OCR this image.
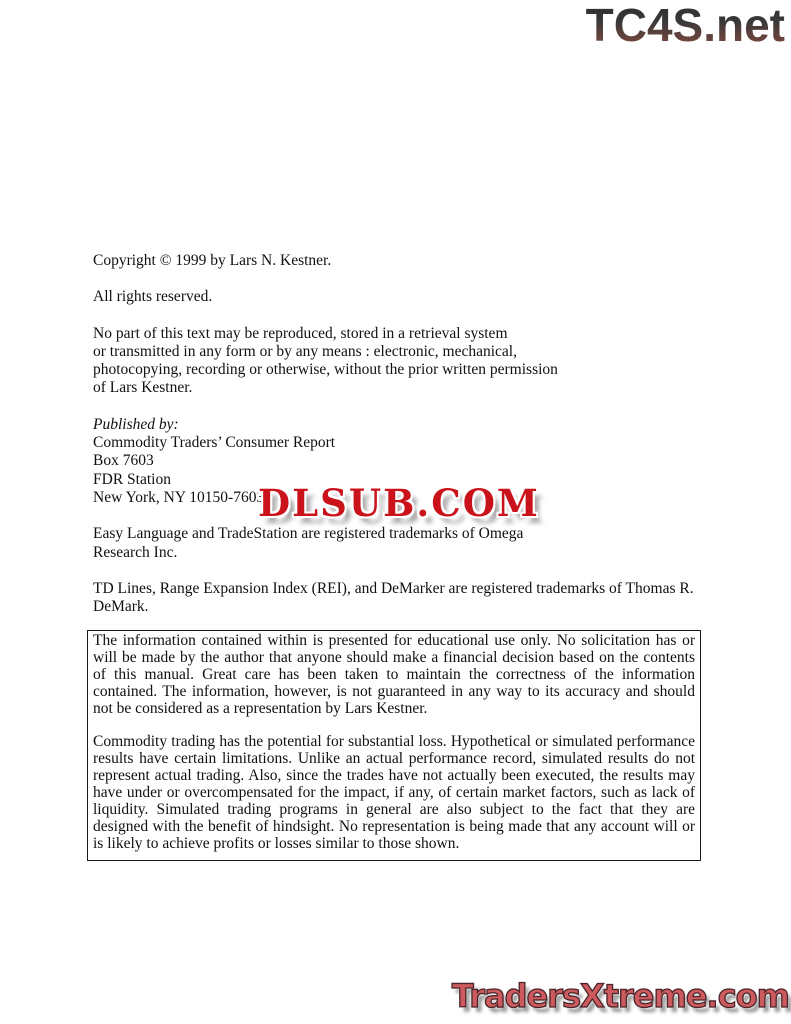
TC4S.net
Copyright © 1999 by Lars N. Kestner.
All rights reserved.
No part of this text may be reproduced, stored in a retrieval system
or transmitted in any form or by any means : electronic, mechanical,
photocopying, recording or otherwise, without the prior written permission
of Lars Kestner.
Published by:
Commodity Traders’ Consumer Report
Box 7603
FDR Station
New York, NY 10150-7603
Easy Language and TradeStation are registered trademarks of Omega
Research Inc.
TD Lines, Range Expansion Index (REI), and DeMarker are registered trademarks of Thomas R.
DeMark.
DLSUB.COM

The information contained within is presented for educational use only. No solicitation has or will be made by the author that anyone should make a financial decision based on the contents of this manual. Great care has been taken to maintain the correctness of the information contained. The information, however, is not guaranteed in any way to its accuracy and should not be considered as a representation by Lars Kestner.

Commodity trading has the potential for substantial loss. Hypothetical or simulated performance results have certain limitations. Unlike an actual performance record, simulated results do not represent actual trading. Also, since the trades have not actually been executed, the results may have under or overcompensated for the impact, if any, of certain market factors, such as lack of liquidity. Simulated trading programs in general are also subject to the fact that they are designed with the benefit of hindsight. No representation is being made that any account will or is likely to achieve profits or losses similar to those shown.

TradersXtreme.com
